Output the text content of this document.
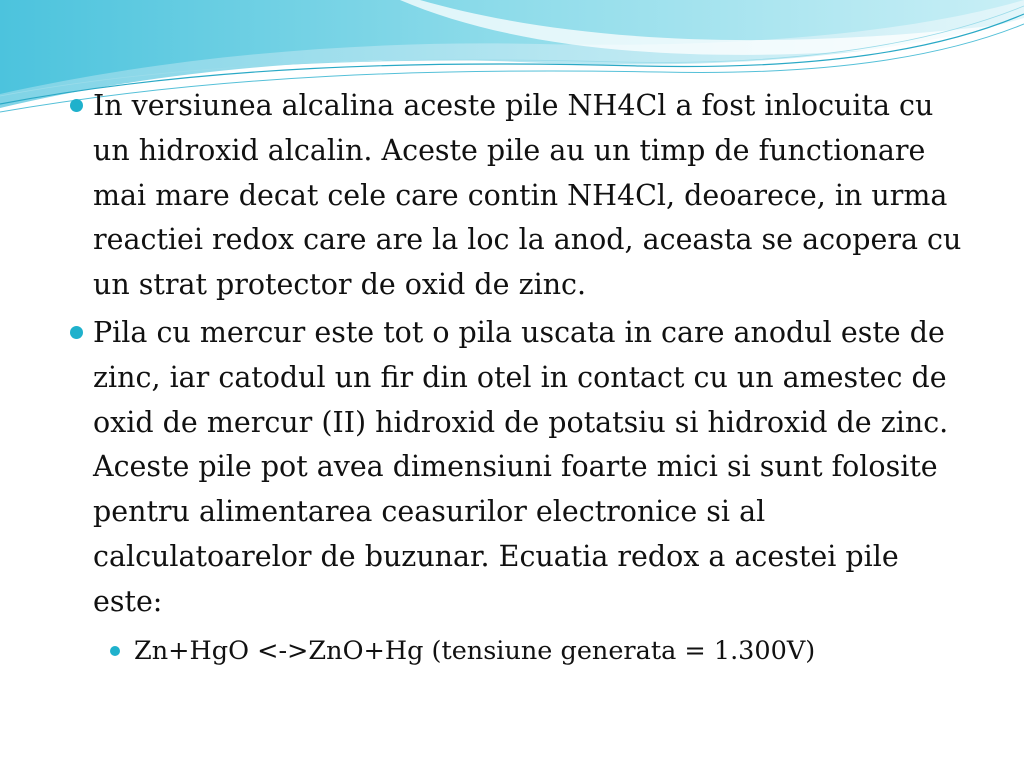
In versiunea alcalina aceste pile NH4Cl a fost inlocuita cu un hidroxid alcalin. Aceste pile au un timp de functionare mai mare decat cele care contin NH4Cl, deoarece, in urma reactiei redox care are la loc la anod, aceasta se acopera cu un strat protector de oxid de zinc.
Pila cu mercur este tot o pila uscata in care anodul este de zinc, iar catodul un fir din otel in contact cu un amestec de oxid de mercur (II) hidroxid de potatsiu si hidroxid de zinc. Aceste pile pot avea dimensiuni foarte mici si sunt folosite pentru alimentarea ceasurilor electronice si al calculatoarelor de buzunar. Ecuatia redox a acestei pile este:
Zn+HgO <->ZnO+Hg (tensiune generata = 1.300V)
